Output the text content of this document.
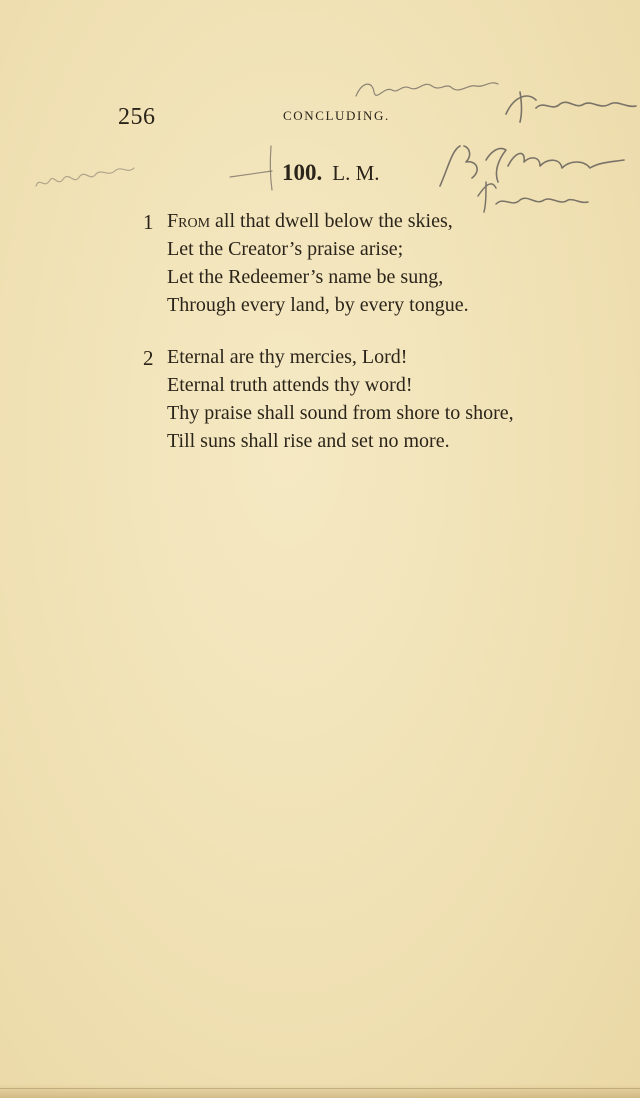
256	CONCLUDING.
100. L. M.
1 From all that dwell below the skies,
Let the Creator’s praise arise;
Let the Redeemer’s name be sung,
Through every land, by every tongue.
2 Eternal are thy mercies, Lord!
Eternal truth attends thy word!
Thy praise shall sound from shore to shore,
Till suns shall rise and set no more.
